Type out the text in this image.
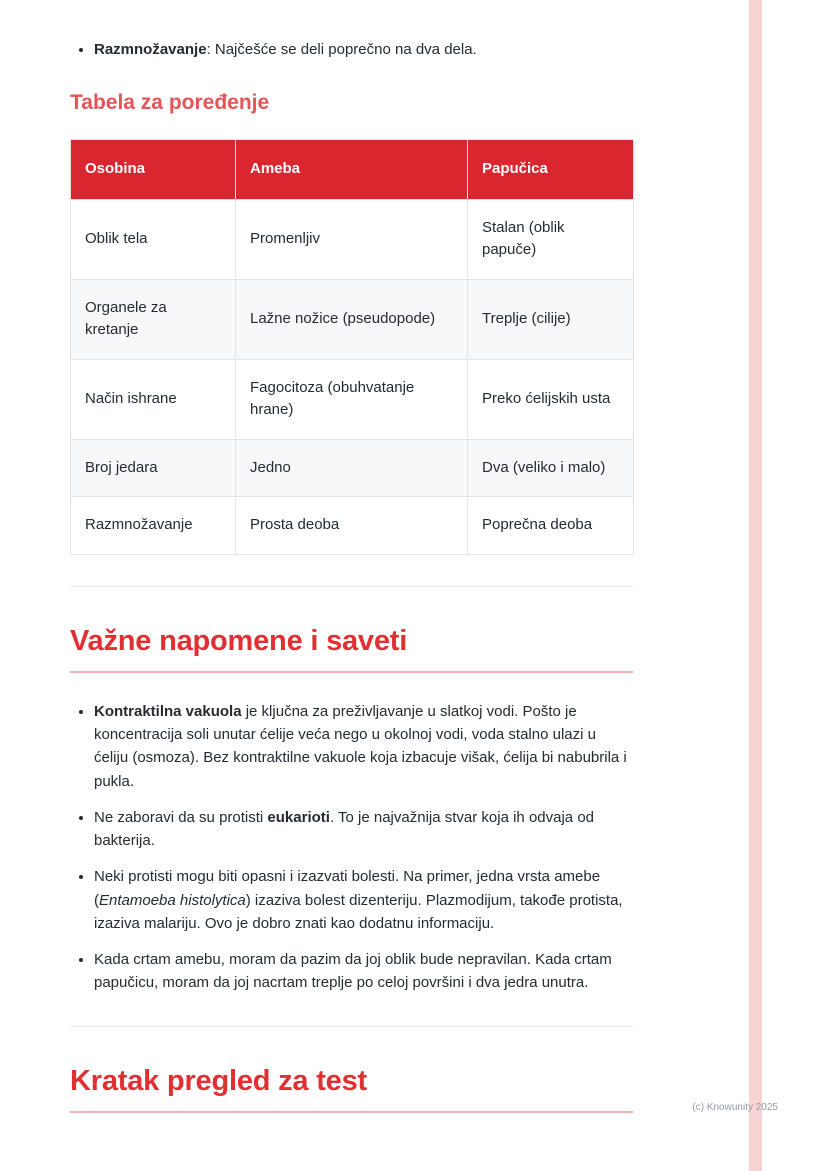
• Razmnožavanje: Najčešće se deli poprečno na dva dela.
Tabela za poređenje
Osobina	Ameba	Papučica
Oblik tela	Promenljiv	Stalan (oblik papuče)
Organele za kretanje	Lažne nožice (pseudopode)	Treplje (cilije)
Način ishrane	Fagocitoza (obuhvatanje hrane)	Preko ćelijskih usta
Broj jedara	Jedno	Dva (veliko i malo)
Razmnožavanje	Prosta deoba	Poprečna deoba
Važne napomene i saveti
• Kontraktilna vakuola je ključna za preživljavanje u slatkoj vodi. Pošto je koncentracija soli unutar ćelije veća nego u okolnoj vodi, voda stalno ulazi u ćeliju (osmoza). Bez kontraktilne vakuole koja izbacuje višak, ćelija bi nabubrila i pukla.
• Ne zaboravi da su protisti eukarioti. To je najvažnija stvar koja ih odvaja od bakterija.
• Neki protisti mogu biti opasni i izazvati bolesti. Na primer, jedna vrsta amebe (Entamoeba histolytica) izaziva bolest dizenteriju. Plazmodijum, takođe protista, izaziva malariju. Ovo je dobro znati kao dodatnu informaciju.
• Kada crtam amebu, moram da pazim da joj oblik bude nepravilan. Kada crtam papučicu, moram da joj nacrtam treplje po celoj površini i dva jedra unutra.
Kratak pregled za test
(c) Knowunity 2025
